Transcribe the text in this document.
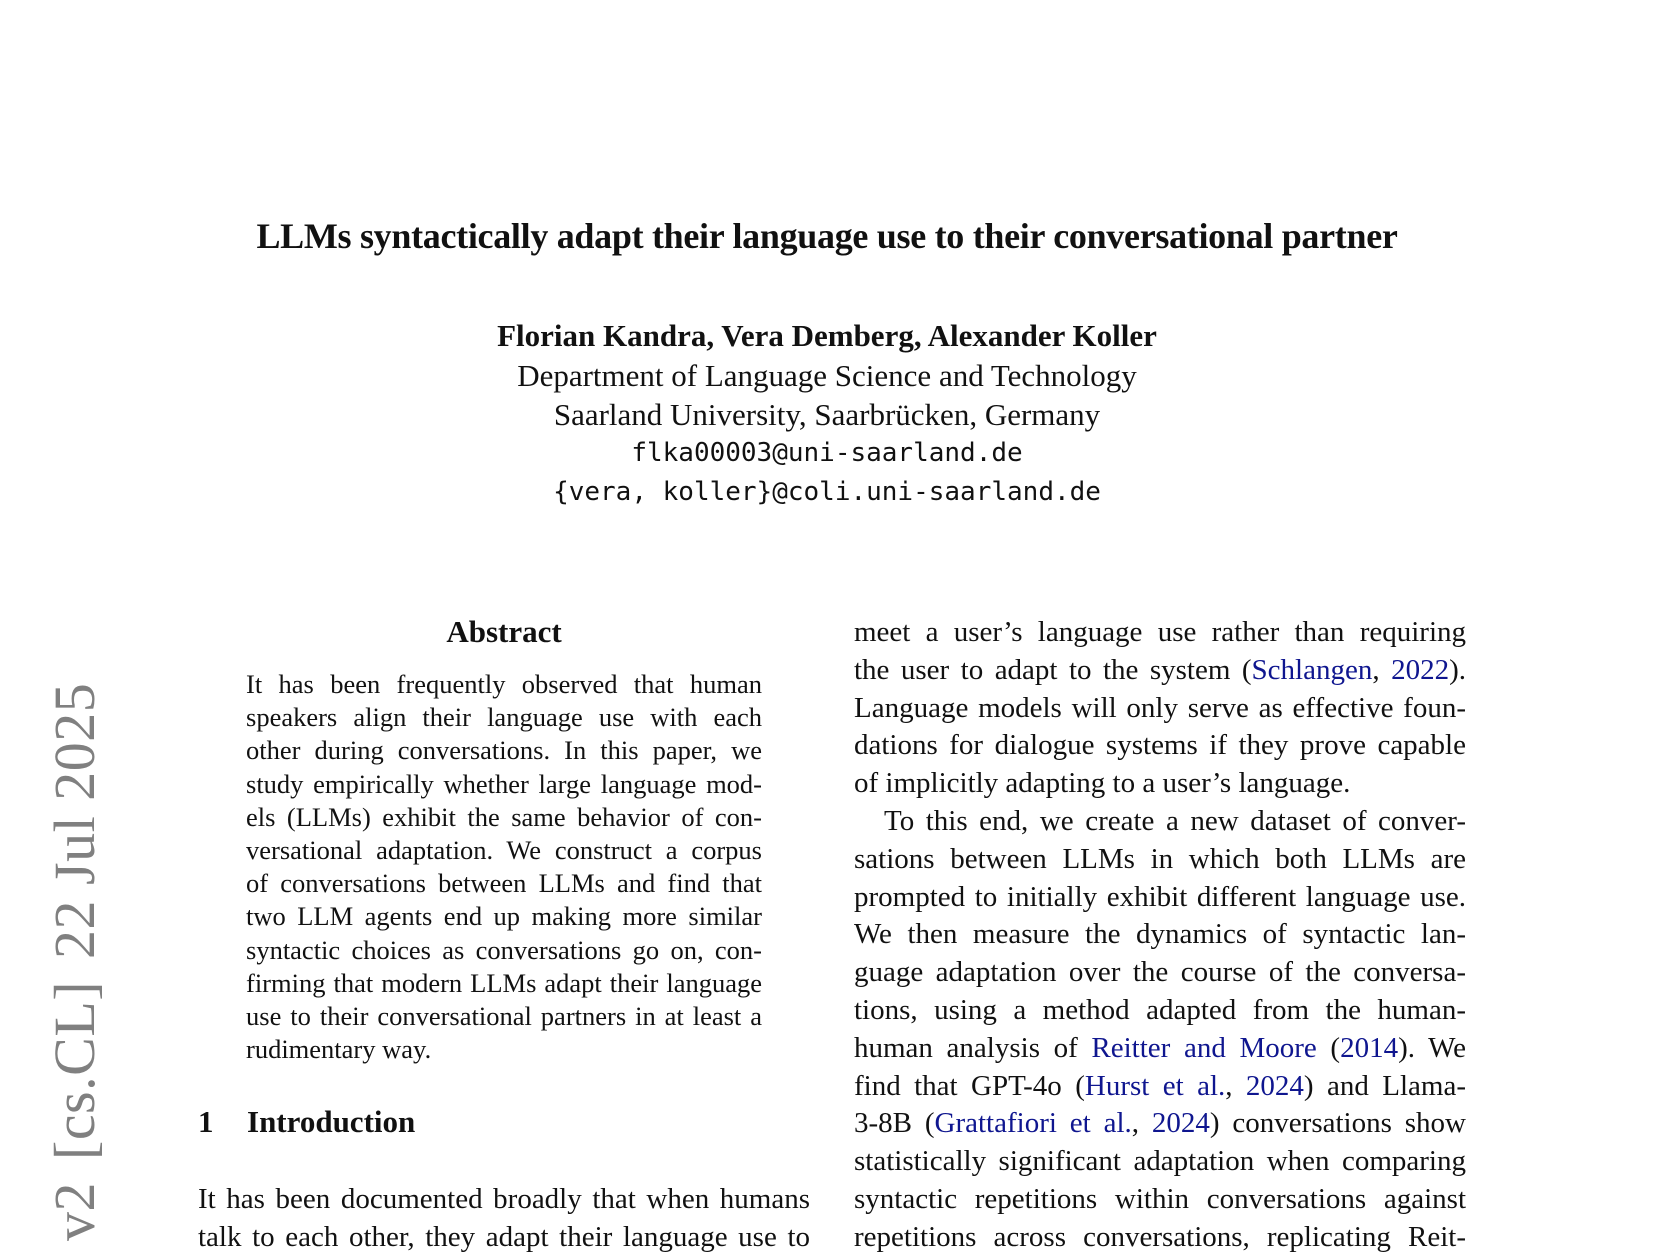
v2[cs.CL]22 Jul 2025
LLMs syntactically adapt their language use to their conversational partner
Florian Kandra, Vera Demberg, Alexander Koller
Department of Language Science and Technology
Saarland University, Saarbrücken, Germany
flka00003@uni-saarland.de
{vera, koller}@coli.uni-saarland.de
Abstract
It has been frequently observed that human
speakers align their language use with each
other during conversations. In this paper, we
study empirically whether large language mod-
els (LLMs) exhibit the same behavior of con-
versational adaptation. We construct a corpus
of conversations between LLMs and find that
two LLM agents end up making more similar
syntactic choices as conversations go on, con-
firming that modern LLMs adapt their language
use to their conversational partners in at least a
rudimentary way.
1 Introduction
It has been documented broadly that when humans
talk to each other, they adapt their language use to
meet a user’s language use rather than requiring
the user to adapt to the system (Schlangen, 2022).
Language models will only serve as effective foun-
dations for dialogue systems if they prove capable
of implicitly adapting to a user’s language.
To this end, we create a new dataset of conver-
sations between LLMs in which both LLMs are
prompted to initially exhibit different language use.
We then measure the dynamics of syntactic lan-
guage adaptation over the course of the conversa-
tions, using a method adapted from the human-
human analysis of Reitter and Moore (2014). We
find that GPT-4o (Hurst et al., 2024) and Llama-
3-8B (Grattafiori et al., 2024) conversations show
statistically significant adaptation when comparing
syntactic repetitions within conversations against
repetitions across conversations, replicating Reit-
